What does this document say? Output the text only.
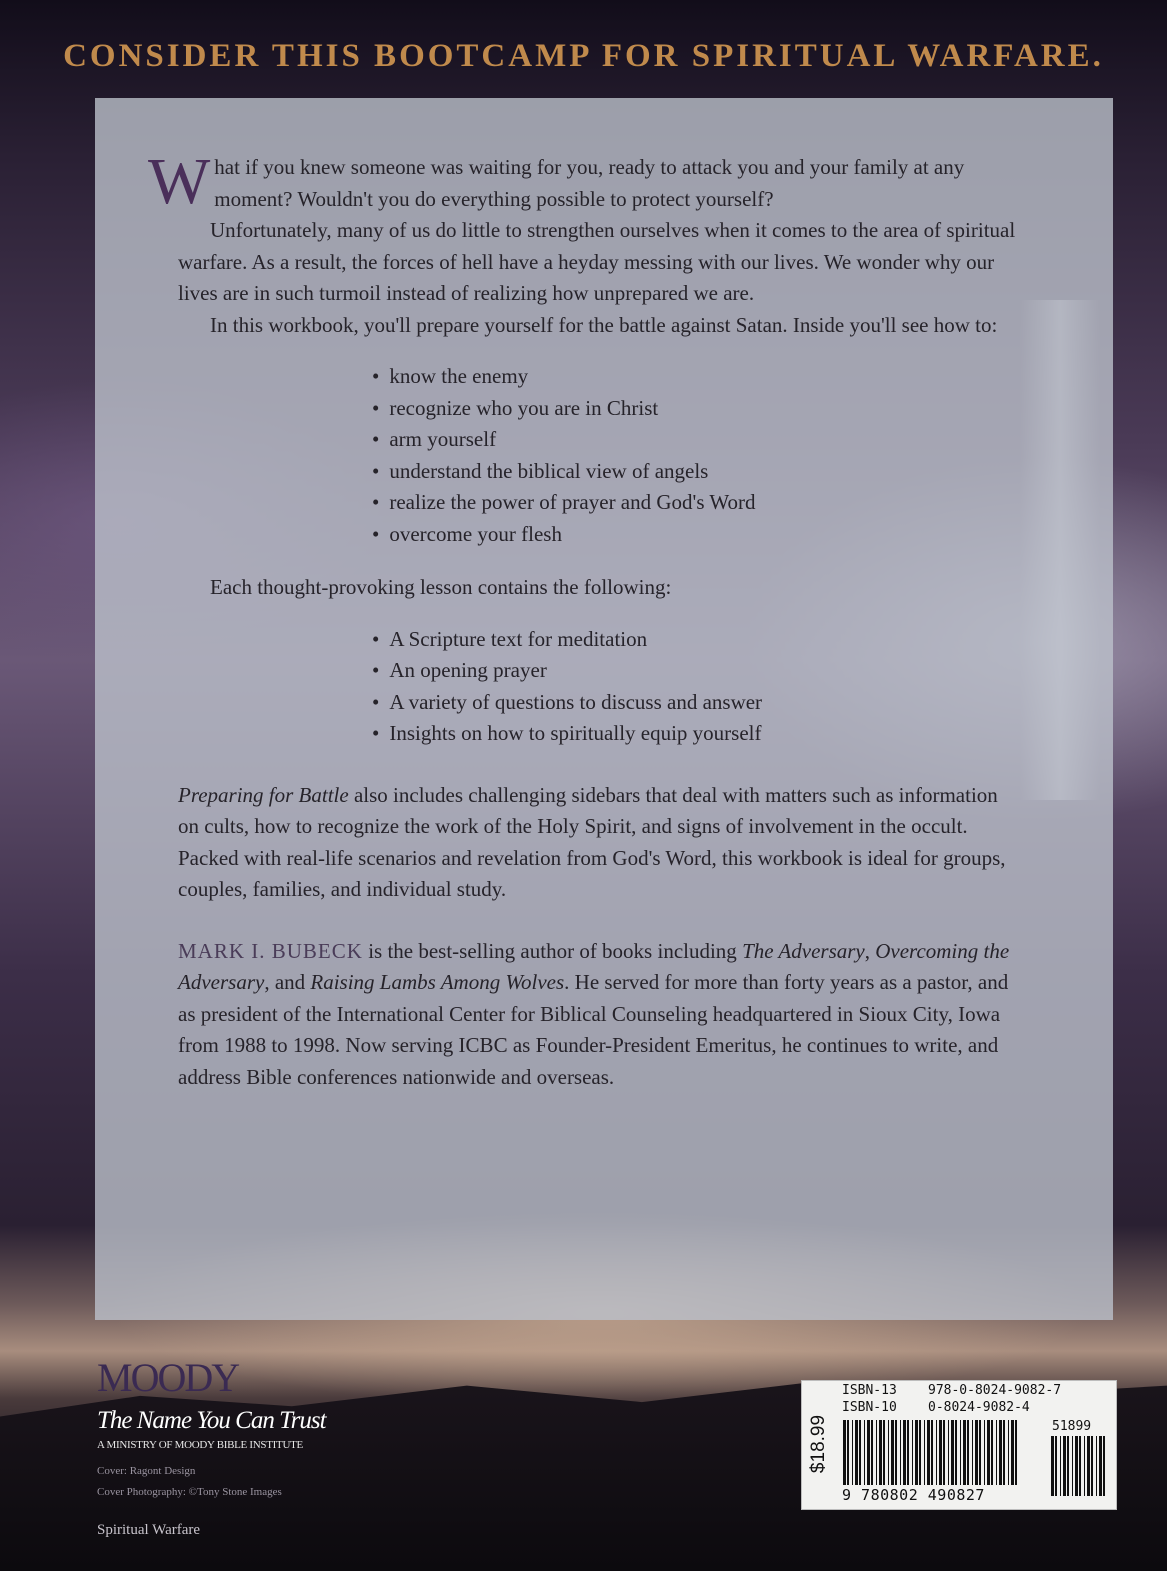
CONSIDER THIS BOOTCAMP FOR SPIRITUAL WARFARE.

What if you knew someone was waiting for you, ready to attack you and your family at any moment? Wouldn't you do everything possible to protect yourself?

Unfortunately, many of us do little to strengthen ourselves when it comes to the area of spiritual warfare. As a result, the forces of hell have a heyday messing with our lives. We wonder why our lives are in such turmoil instead of realizing how unprepared we are.

In this workbook, you'll prepare yourself for the battle against Satan. Inside you'll see how to:

• know the enemy
• recognize who you are in Christ
• arm yourself
• understand the biblical view of angels
• realize the power of prayer and God's Word
• overcome your flesh

Each thought-provoking lesson contains the following:

• A Scripture text for meditation
• An opening prayer
• A variety of questions to discuss and answer
• Insights on how to spiritually equip yourself

Preparing for Battle also includes challenging sidebars that deal with matters such as information on cults, how to recognize the work of the Holy Spirit, and signs of involvement in the occult. Packed with real-life scenarios and revelation from God's Word, this workbook is ideal for groups, couples, families, and individual study.

MARK I. BUBECK is the best-selling author of books including The Adversary, Overcoming the Adversary, and Raising Lambs Among Wolves. He served for more than forty years as a pastor, and as president of the International Center for Biblical Counseling headquartered in Sioux City, Iowa from 1988 to 1998. Now serving ICBC as Founder-President Emeritus, he continues to write, and address Bible conferences nationwide and overseas.

MOODY

The Name You Can Trust

A MINISTRY OF MOODY BIBLE INSTITUTE

Cover: Ragont Design

Cover Photography: ©Tony Stone Images

Spiritual Warfare

$18.99

ISBN-13 978-0-8024-9082-7

ISBN-10 0-8024-9082-4

51899

9 780802 490827
